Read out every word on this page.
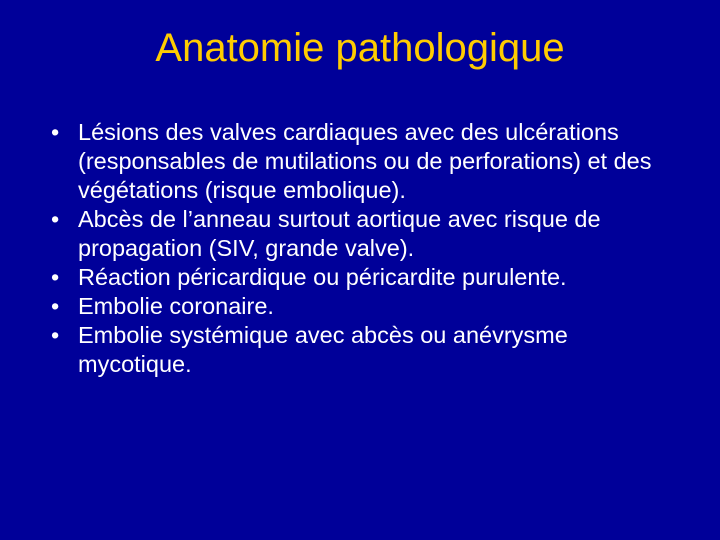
Anatomie pathologique
• Lésions des valves cardiaques avec des ulcérations (responsables de mutilations ou de perforations) et des végétations (risque embolique).
• Abcès de l’anneau surtout aortique avec risque de propagation (SIV, grande valve).
• Réaction péricardique ou péricardite purulente.
• Embolie coronaire.
• Embolie systémique avec abcès ou anévrysme mycotique.
